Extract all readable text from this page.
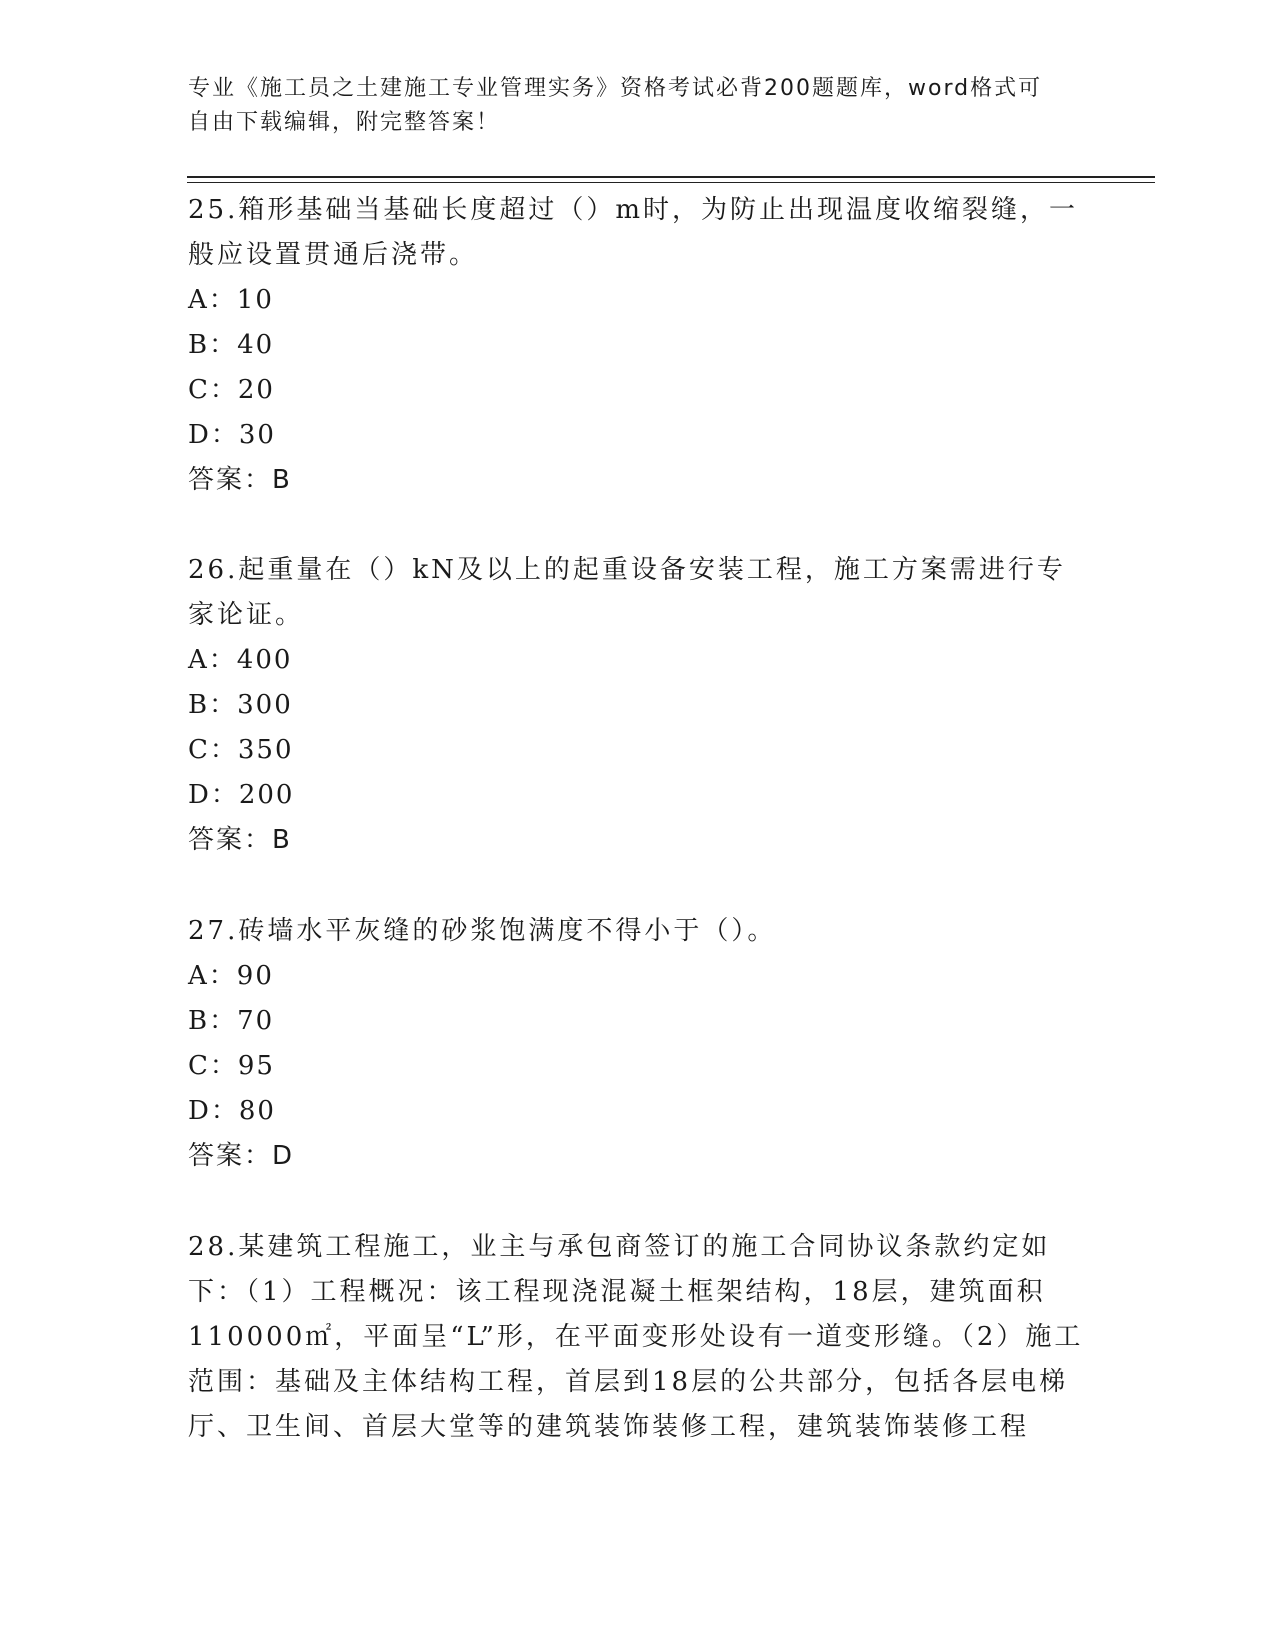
专业《施工员之土建施工专业管理实务》资格考试必背200题题库，word格式可
自由下载编辑，附完整答案！
25.箱形基础当基础长度超过（）m时，为防止出现温度收缩裂缝，一般应设置贯通后浇带。
A：10
B：40
C：20
D：30
答案：B
26.起重量在（）kN及以上的起重设备安装工程，施工方案需进行专家论证。
A：400
B：300
C：350
D：200
答案：B
27.砖墙水平灰缝的砂浆饱满度不得小于（）。
A：90
B：70
C：95
D：80
答案：D
28.某建筑工程施工，业主与承包商签订的施工合同协议条款约定如下：（1）工程概况：该工程现浇混凝土框架结构，18层，建筑面积110000㎡，平面呈“L”形，在平面变形处设有一道变形缝。（2）施工范围：基础及主体结构工程，首层到18层的公共部分，包括各层电梯厅、卫生间、首层大堂等的建筑装饰装修工程，建筑装饰装修工程
